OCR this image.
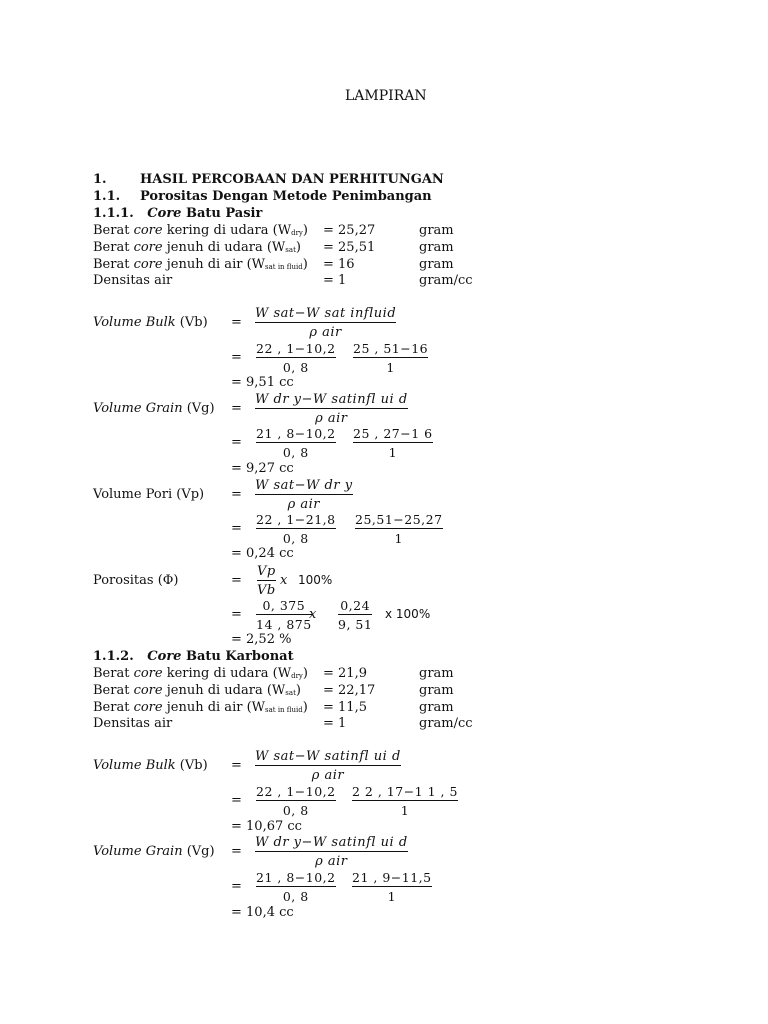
LAMPIRAN
1.	HASIL PERCOBAAN DAN PERHITUNGAN
1.1. Porositas Dengan Metode Penimbangan
1.1.1. Core Batu Pasir
Berat core kering di udara $(W_{dry}) = 25,27$	gram
Berat core jenuh di udara $(W_{sat}) = 25,51$	gram
Berat core jenuh di air $(W_{sat in fluid}) = 16$	gram
Densitas air	= 1	gram/cc
Volume Bulk (Vb) =
W sat−W sat influid
ρ air
=
22 , 1−10,2
0, 8
25 , 51−16
1
= 9,51 cc
Volume Grain (Vg) =
W dr y−W satinfl ui d
ρ air
=
21 , 8−10,2
0, 8
25 , 27−1 6
1
= 9,27 cc
Volume Pori (Vp) =
W sat−W dr y
ρ air
=
22 , 1−21,8
0, 8
25,51−25,27
1
= 0,24 cc
Porositas (Φ)	=
Vp
Vb
x 100%
=
0, 375
14 , 875
x
0,24
9, 51
x 100%
= 2,52 %
1.1.2. Core Batu Karbonat
Berat core kering di udara $(W_{dry}) = 21,9$	gram
Berat core jenuh di udara $(W_{sat}) = 22,17$	gram
Berat core jenuh di air $(W_{sat in fluid}) = 11,5$	gram
Densitas air	= 1	gram/cc
Volume Bulk (Vb) =
W sat−W satinfl ui d
ρ air
=
22 , 1−10,2
0, 8
2 2 , 17−1 1 , 5
1
= 10,67 cc
Volume Grain (Vg) =
W dr y−W satinfl ui d
ρ air
=
21 , 8−10,2
0, 8
21 , 9−11,5
1
= 10,4 cc
